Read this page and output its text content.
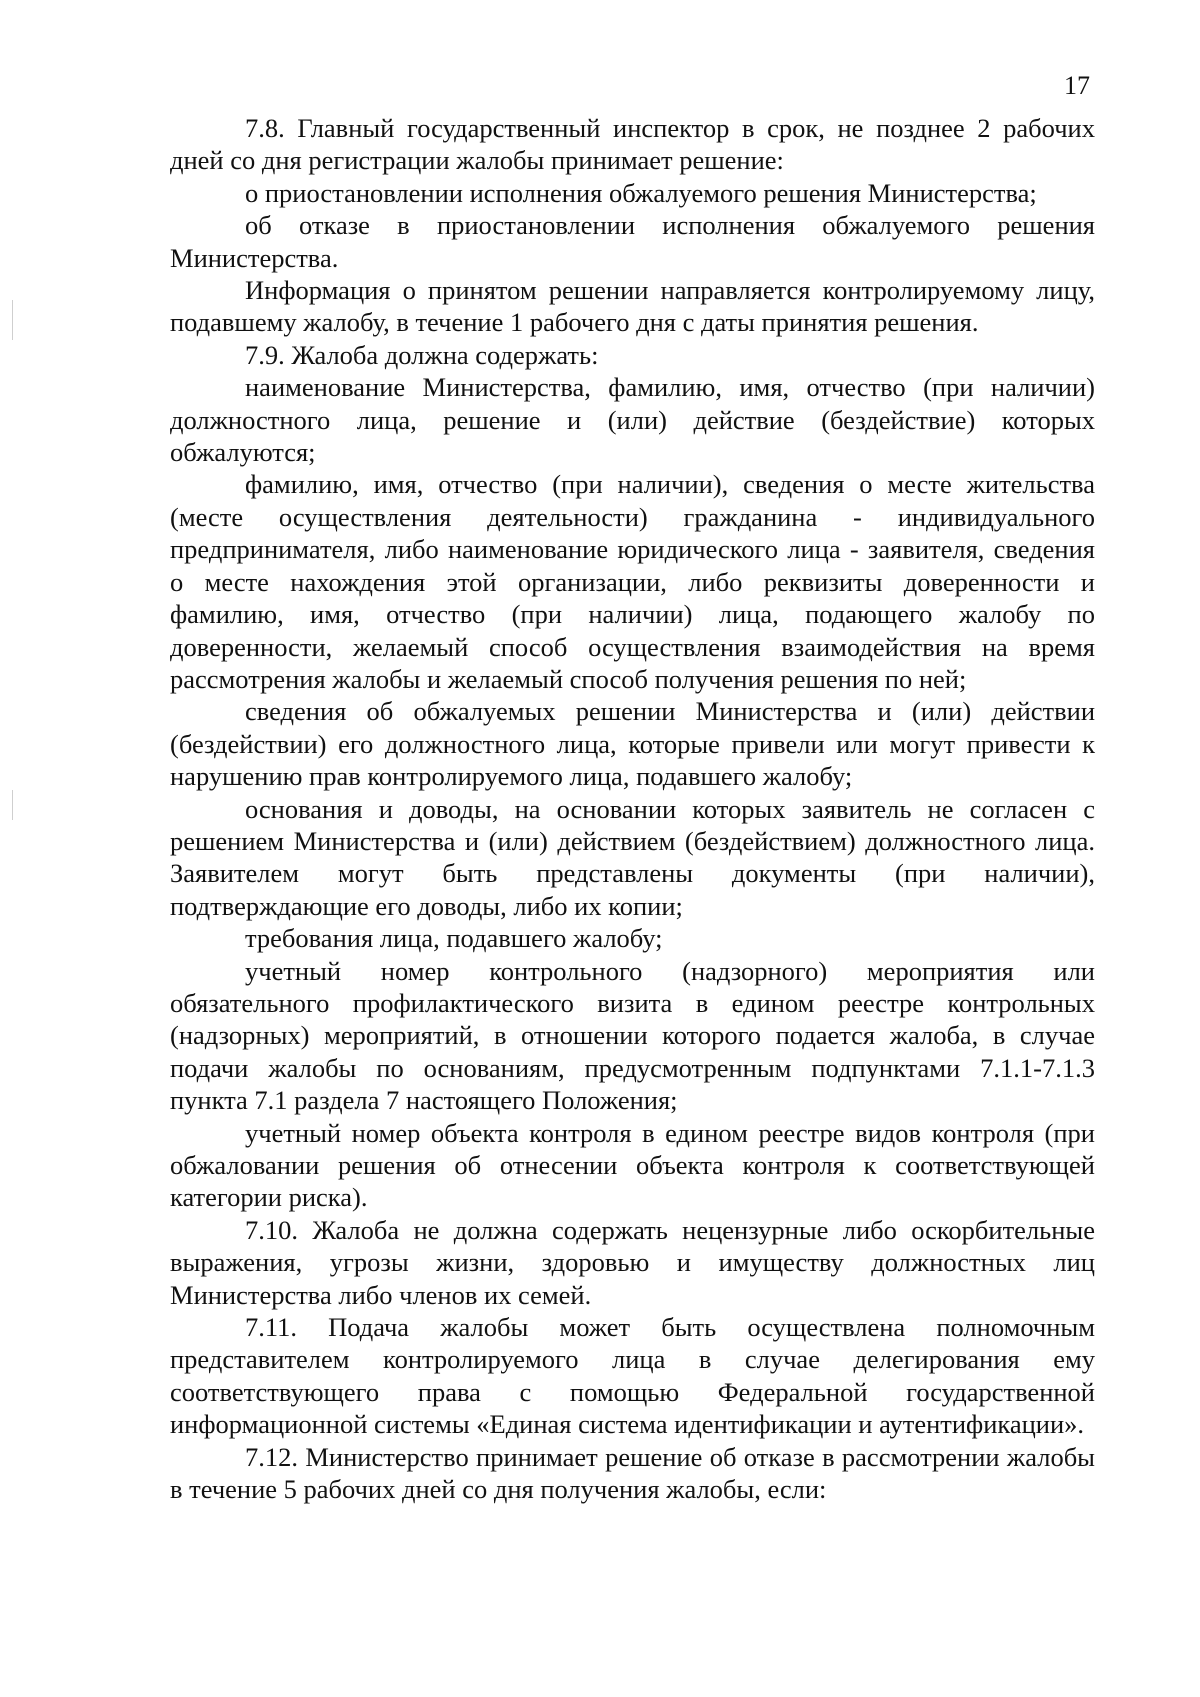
17

7.8. Главный государственный инспектор в срок, не позднее 2 рабочих дней со дня регистрации жалобы принимает решение:

о приостановлении исполнения обжалуемого решения Министерства;

об отказе в приостановлении исполнения обжалуемого решения Министерства.

Информация о принятом решении направляется контролируемому лицу, подавшему жалобу, в течение 1 рабочего дня с даты принятия решения.

7.9. Жалоба должна содержать:

наименование Министерства, фамилию, имя, отчество (при наличии) должностного лица, решение и (или) действие (бездействие) которых обжалуются;

фамилию, имя, отчество (при наличии), сведения о месте жительства (месте осуществления деятельности) гражданина - индивидуального предпринимателя, либо наименование юридического лица - заявителя, сведения о месте нахождения этой организации, либо реквизиты доверенности и фамилию, имя, отчество (при наличии) лица, подающего жалобу по доверенности, желаемый способ осуществления взаимодействия на время рассмотрения жалобы и желаемый способ получения решения по ней;

сведения об обжалуемых решении Министерства и (или) действии (бездействии) его должностного лица, которые привели или могут привести к нарушению прав контролируемого лица, подавшего жалобу;

основания и доводы, на основании которых заявитель не согласен с решением Министерства и (или) действием (бездействием) должностного лица. Заявителем могут быть представлены документы (при наличии), подтверждающие его доводы, либо их копии;

требования лица, подавшего жалобу;

учетный номер контрольного (надзорного) мероприятия или обязательного профилактического визита в едином реестре контрольных (надзорных) мероприятий, в отношении которого подается жалоба, в случае подачи жалобы по основаниям, предусмотренным подпунктами 7.1.1-7.1.3 пункта 7.1 раздела 7 настоящего Положения;

учетный номер объекта контроля в едином реестре видов контроля (при обжаловании решения об отнесении объекта контроля к соответствующей категории риска).

7.10. Жалоба не должна содержать нецензурные либо оскорбительные выражения, угрозы жизни, здоровью и имуществу должностных лиц Министерства либо членов их семей.

7.11. Подача жалобы может быть осуществлена полномочным представителем контролируемого лица в случае делегирования ему соответствующего права с помощью Федеральной государственной информационной системы «Единая система идентификации и аутентификации».

7.12. Министерство принимает решение об отказе в рассмотрении жалобы в течение 5 рабочих дней со дня получения жалобы, если:
